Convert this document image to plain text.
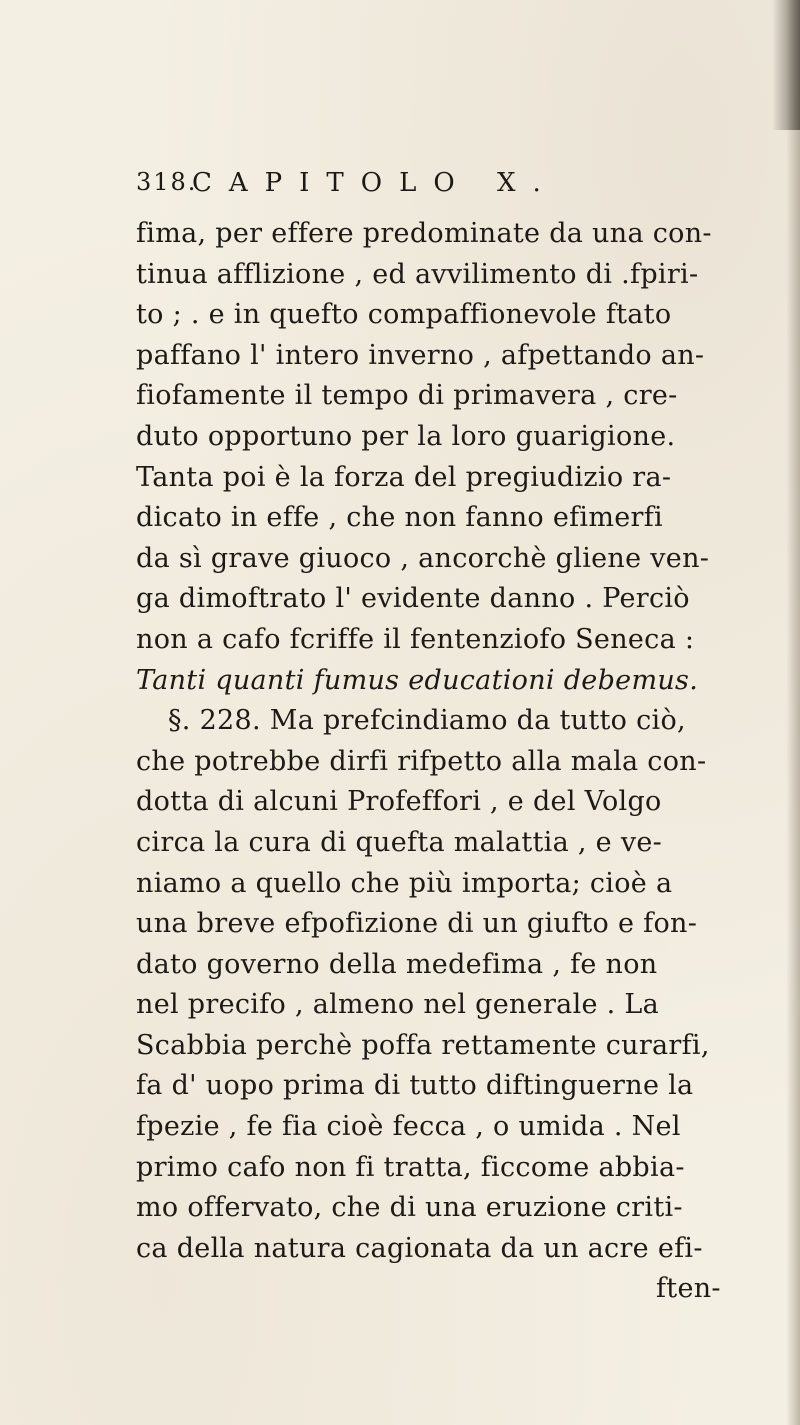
318.
CAPITOLO X.
fima, per effere predominate da una con-
tinua afflizione , ed avvilimento di .fpiri-
to ; . e in quefto compaffionevole ftato
paffano l' intero inverno , afpettando an-
fiofamente il tempo di primavera , cre-
duto opportuno per la loro guarigione.
Tanta poi è la forza del pregiudizio ra-
dicato in effe , che non fanno efimerfi
da sì grave giuoco , ancorchè gliene ven-
ga dimoftrato l' evidente danno . Perciò
non a cafo fcriffe il fentenziofo Seneca :
Tanti quanti fumus educationi debemus.
§. 228. Ma prefcindiamo da tutto ciò,
che potrebbe dirfi rifpetto alla mala con-
dotta di alcuni Profeffori , e del Volgo
circa la cura di quefta malattia , e ve-
niamo a quello che più importa; cioè a
una breve efpofizione di un giufto e fon-
dato governo della medefima , fe non
nel precifo , almeno nel generale . La
Scabbia perchè poffa rettamente curarfi,
fa d' uopo prima di tutto diftinguerne la
fpezie , fe fia cioè fecca , o umida . Nel
primo cafo non fi tratta, ficcome abbia-
mo offervato, che di una eruzione criti-
ca della natura cagionata da un acre efi-
ften-
